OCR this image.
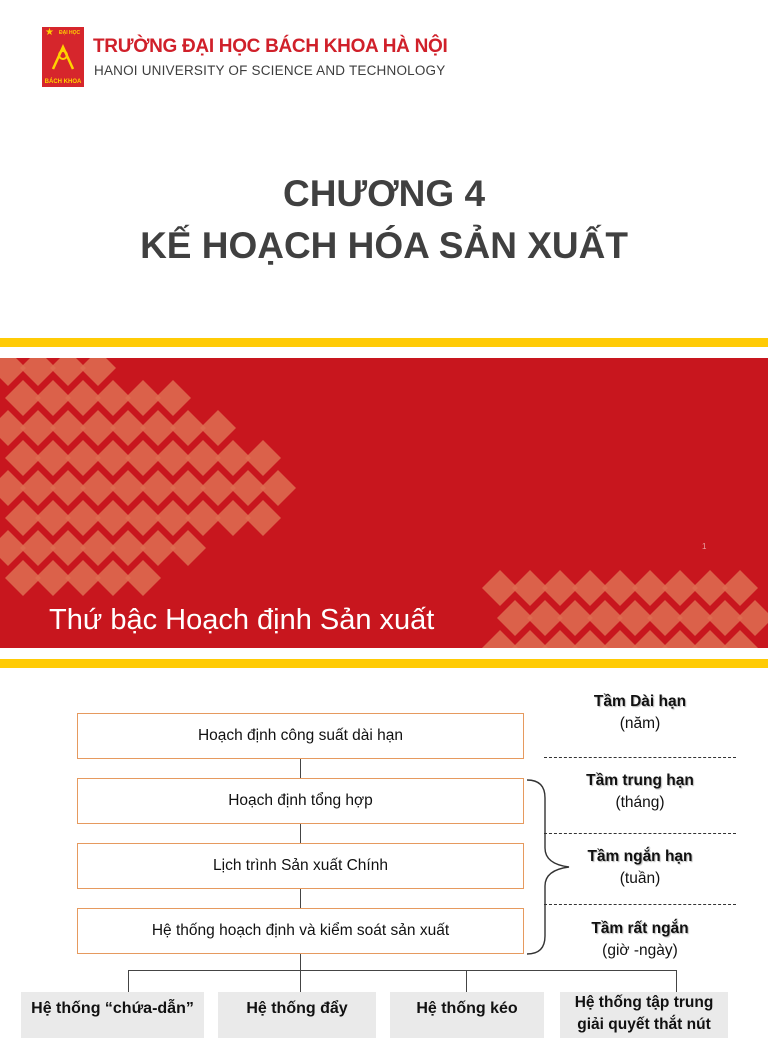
★ ĐẠI HỌC
BÁCH KHOA
TRƯỜNG ĐẠI HỌC BÁCH KHOA HÀ NỘI
HANOI UNIVERSITY OF SCIENCE AND TECHNOLOGY
CHƯƠNG 4
KẾ HOẠCH HÓA SẢN XUẤT
1
Thứ bậc Hoạch định Sản xuất
Hoạch định công suất dài hạn
Hoạch định tổng hợp
Lịch trình Sản xuất Chính
Hệ thống hoạch định và kiểm soát sản xuất
Tầm Dài hạn
(năm)
Tầm trung hạn
(tháng)
Tầm ngắn hạn
(tuần)
Tầm rất ngắn
(giờ -ngày)
Hệ thống “chứa-dẫn”	Hệ thống đẩy	Hệ thống kéo	Hệ thống tập trung giải quyết thắt nút
